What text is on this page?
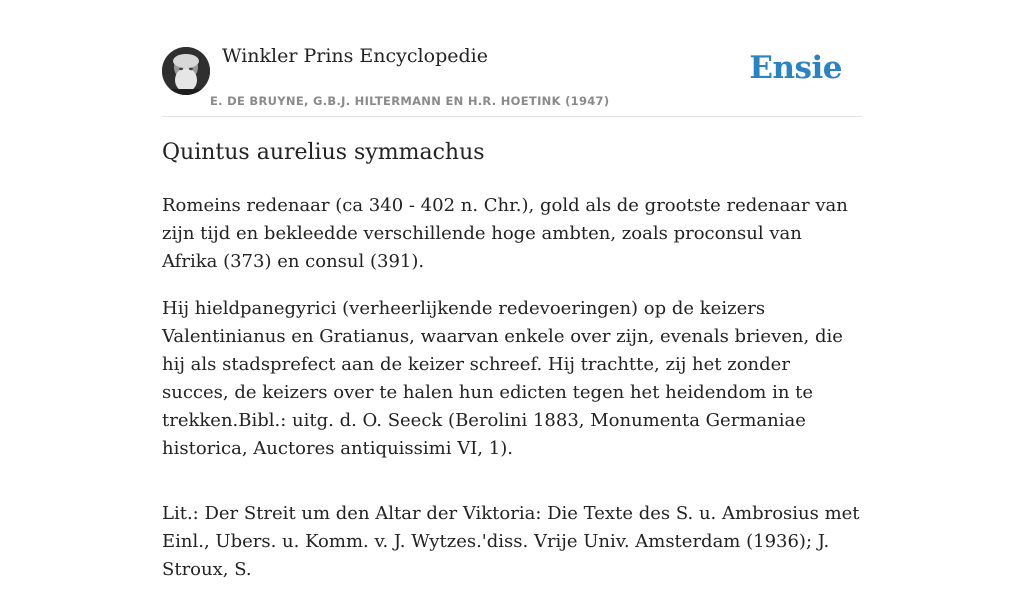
Winkler Prins Encyclopedie
E. DE BRUYNE, G.B.J. HILTERMANN EN H.R. HOETINK (1947)
Ensie
Quintus aurelius symmachus

Romeins redenaar (ca 340 - 402 n. Chr.), gold als de grootste redenaar van zijn tijd en bekleedde verschillende hoge ambten, zoals proconsul van Afrika (373) en consul (391).

Hij hieldpanegyrici (verheerlijkende redevoeringen) op de keizers Valentinianus en Gratianus, waarvan enkele over zijn, evenals brieven, die hij als stadsprefect aan de keizer schreef. Hij trachtte, zij het zonder succes, de keizers over te halen hun edicten tegen het heidendom in te trekken.Bibl.: uitg. d. O. Seeck (Berolini 1883, Monumenta Germaniae historica, Auctores antiquissimi VI, 1).

Lit.: Der Streit um den Altar der Viktoria: Die Texte des S. u. Ambrosius met Einl., Ubers. u. Komm. v. J. Wytzes.'diss. Vrije Univ. Amsterdam (1936); J. Stroux, S.
